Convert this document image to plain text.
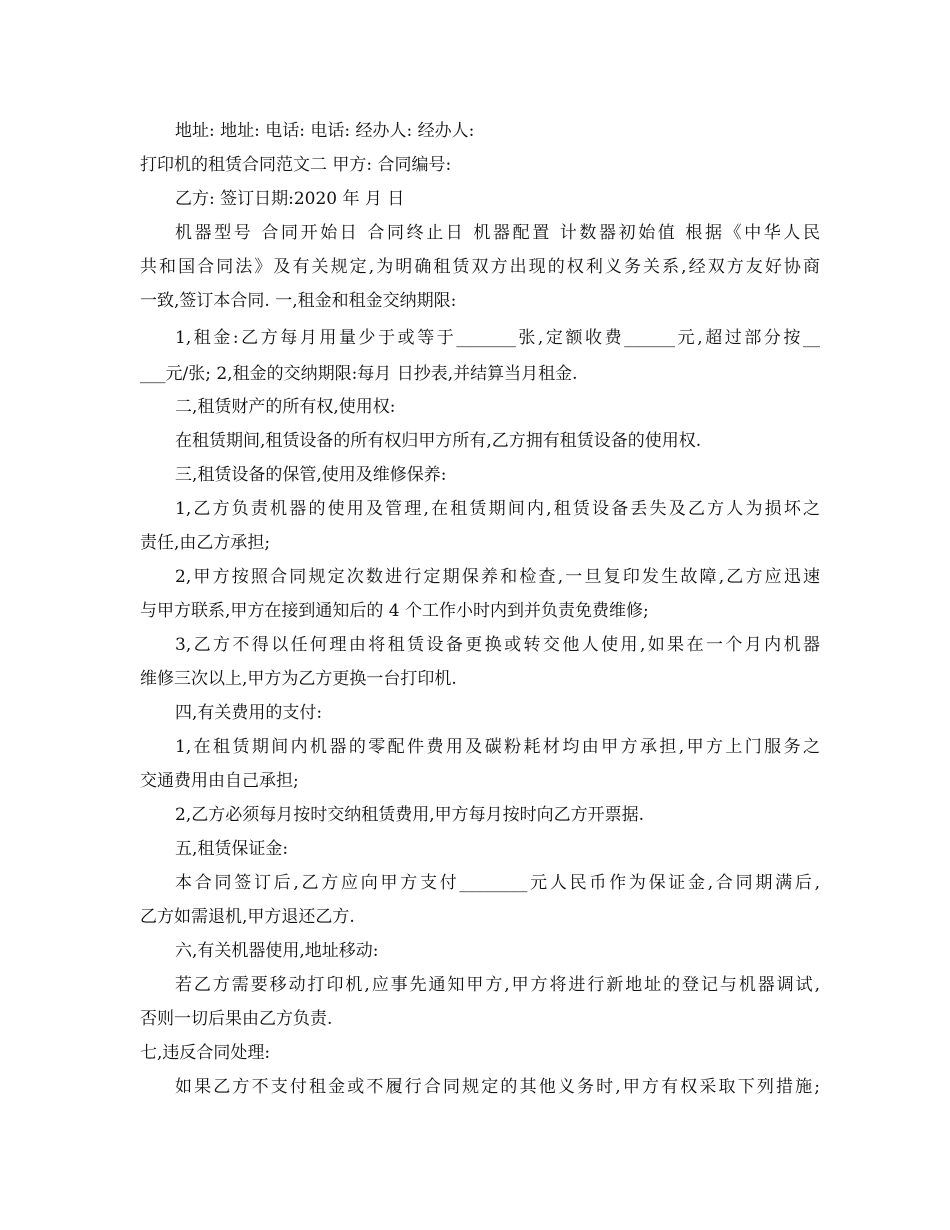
地址: 地址: 电话: 电话: 经办人: 经办人:
打印机的租赁合同范文二 甲方: 合同编号:
乙方: 签订日期:2020 年 月 日
机器型号 合同开始日 合同终止日 机器配置 计数器初始值 根据《中华人民
共和国合同法》及有关规定,为明确租赁双方出现的权利义务关系,经双方友好协商
一致,签订本合同. 一,租金和租金交纳期限:
1,租金:乙方每月用量少于或等于_______张,定额收费______元,超过部分按__
___元/张; 2,租金的交纳期限:每月 日抄表,并结算当月租金.
二,租赁财产的所有权,使用权:
在租赁期间,租赁设备的所有权归甲方所有,乙方拥有租赁设备的使用权.
三,租赁设备的保管,使用及维修保养:
1,乙方负责机器的使用及管理,在租赁期间内,租赁设备丢失及乙方人为损坏之
责任,由乙方承担;
2,甲方按照合同规定次数进行定期保养和检查,一旦复印发生故障,乙方应迅速
与甲方联系,甲方在接到通知后的 4 个工作小时内到并负责免费维修;
3,乙方不得以任何理由将租赁设备更换或转交他人使用,如果在一个月内机器
维修三次以上,甲方为乙方更换一台打印机.
四,有关费用的支付:
1,在租赁期间内机器的零配件费用及碳粉耗材均由甲方承担,甲方上门服务之
交通费用由自己承担;
2,乙方必须每月按时交纳租赁费用,甲方每月按时向乙方开票据.
五,租赁保证金:
本合同签订后,乙方应向甲方支付________元人民币作为保证金,合同期满后,
乙方如需退机,甲方退还乙方.
六,有关机器使用,地址移动:
若乙方需要移动打印机,应事先通知甲方,甲方将进行新地址的登记与机器调试,
否则一切后果由乙方负责.
七,违反合同处理:
如果乙方不支付租金或不履行合同规定的其他义务时,甲方有权采取下列措施;
